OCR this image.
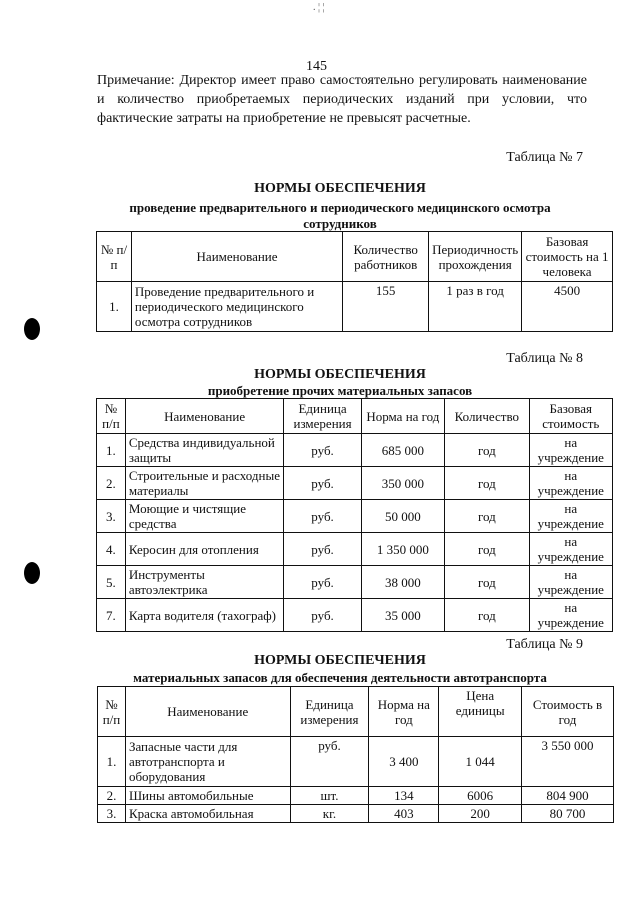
. ¦ ¦
145
Примечание: Директор имеет право самостоятельно регулировать наименование и количество приобретаемых периодических изданий при условии, что фактические затраты на приобретение не превысят расчетные.
Таблица № 7
НОРМЫ ОБЕСПЕЧЕНИЯ
проведение предварительного и периодического медицинского осмотра
сотрудников
№ п/п	Наименование	Количество работников	Периодичность прохождения	Базовая стоимость на 1 человека
1.	Проведение предварительного и периодического медицинского осмотра сотрудников	155	1 раз в год	4500
Таблица № 8
НОРМЫ ОБЕСПЕЧЕНИЯ
приобретение прочих материальных запасов
№ п/п	Наименование	Единица измерения	Норма на год	Количество	Базовая стоимость
1.	Средства индивидуальной защиты	руб.	685 000	год	на учреждение
2.	Строительные и расходные материалы	руб.	350 000	год	на учреждение
3.	Моющие и чистящие средства	руб.	50 000	год	на учреждение
4.	Керосин для отопления	руб.	1 350 000	год	на учреждение
5.	Инструменты автоэлектрика	руб.	38 000	год	на учреждение
7.	Карта водителя (тахограф)	руб.	35 000	год	на учреждение
Таблица № 9
НОРМЫ ОБЕСПЕЧЕНИЯ
материальных запасов для обеспечения деятельности автотранспорта
№ п/п	Наименование	Единица измерения	Норма на год	Цена единицы	Стоимость в год
1.	Запасные части для автотранспорта и оборудования	руб.	3 400	1 044	3 550 000
2.	Шины автомобильные	шт.	134	6006	804 900
3.	Краска автомобильная	кг.	403	200	80 700
